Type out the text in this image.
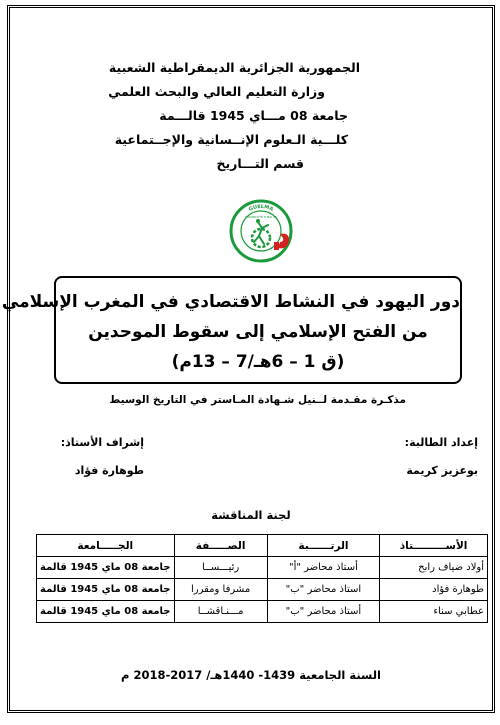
الجمهورية الجزائرية الديمقراطية الشعبية
وزارة التعليم العالي والبحث العلمي
جامعة 08 مـــاي 1945 قالـــمة
كلـــية الـعلوم الإنــسانية والإجــتماعية
قسم التـــاريخ
GUELMA
UNIVERSITE 8 MAI 45
دور اليهود في النشاط الاقتصادي في المغرب الإسلامي
من الفتح الإسلامي إلى سقوط الموحدين
(ق 1 – 6هـ/7 – 13م)
مذكـرة مقـدمة لــنيل شـهادة المـاستر في التاريخ الوسيط
إعداد الطالبة:
بوعزيز كريمة
إشراف الأستاذ:
طوهارة فؤاد
لجنة المناقشة
الأســـــــــتاذ	الرتــــــبة	الصـــــفة	الجـــــامعة
أولاد ضياف رابح	أستاذ محاضر "أ"	رئيـــســا	جامعة 08 ماي 1945 قالمة
طوهارة فؤاد	استاذ محاضر "ب"	مشرفا ومقررا	جامعة 08 ماي 1945 قالمة
عطابي سناء	أستاذ محاضر "ب"	مـــنـاقشــا	جامعة 08 ماي 1945 قالمة
السنة الجامعية 1439- 1440هـ/ 2017-2018 م
